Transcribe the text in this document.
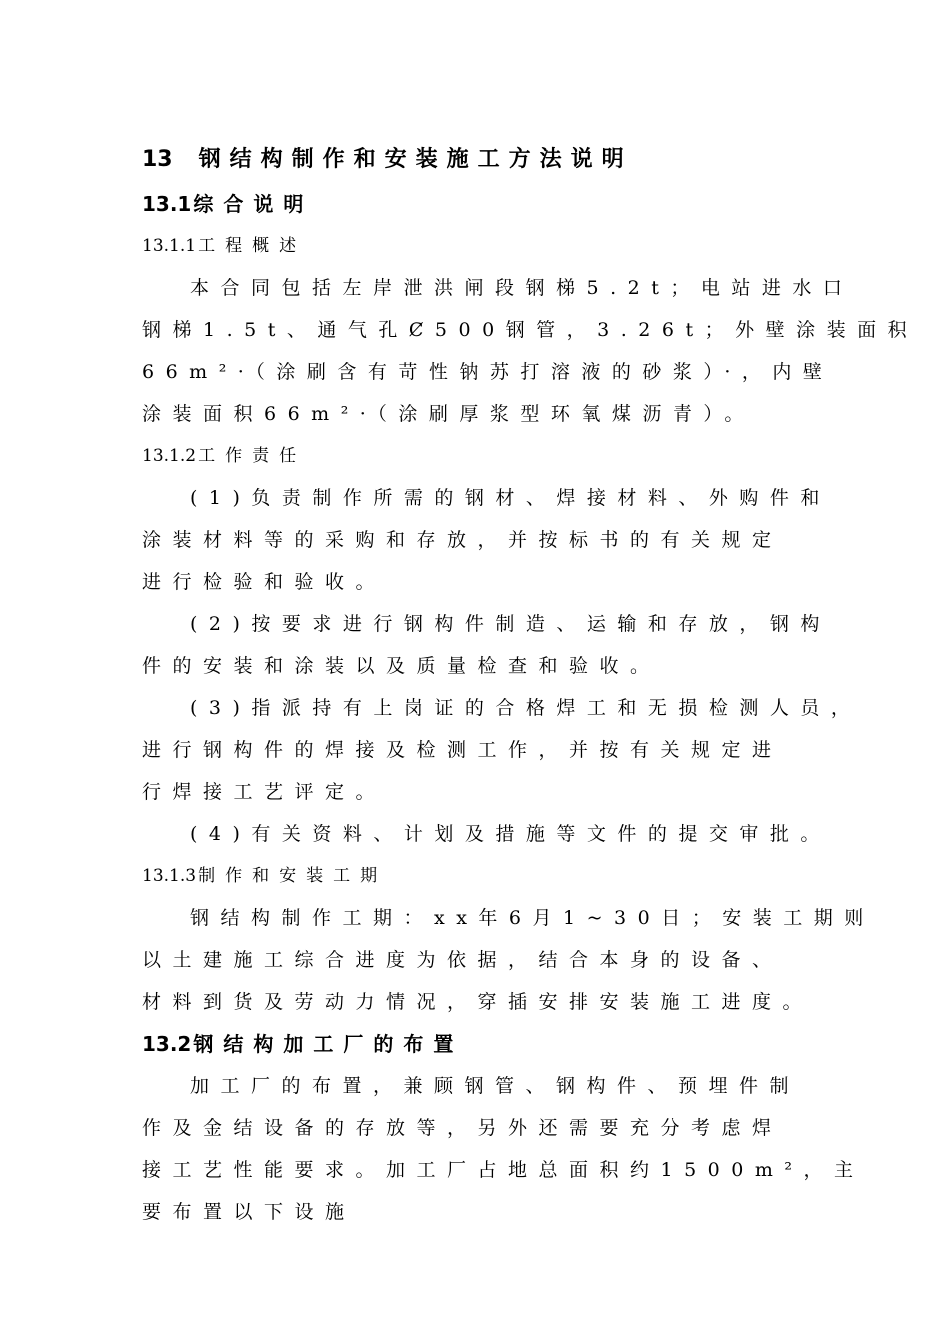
13 钢结构制作和安装施工方法说明
13.1 综合说明
13.1.1 工程概述
本合同包括左岸泄洪闸段钢梯5.2t；电站进水口
钢梯1.5t、通气孔Ȼ500钢管，3.26t；外壁涂装面积
66m²·（涂刷含有苛性钠苏打溶液的砂浆）·，内壁
涂装面积66m²·（涂刷厚浆型环氧煤沥青）。
13.1.2 工作责任
(1)负责制作所需的钢材、焊接材料、外购件和
涂装材料等的采购和存放，并按标书的有关规定
进行检验和验收。
(2)按要求进行钢构件制造、运输和存放，钢构
件的安装和涂装以及质量检查和验收。
(3)指派持有上岗证的合格焊工和无损检测人员，
进行钢构件的焊接及检测工作，并按有关规定进
行焊接工艺评定。
(4)有关资料、计划及措施等文件的提交审批。
13.1.3 制作和安装工期
钢结构制作工期：xx年6月1~30日；安装工期则
以土建施工综合进度为依据，结合本身的设备、
材料到货及劳动力情况，穿插安排安装施工进度。
13.2 钢结构加工厂的布置
加工厂的布置，兼顾钢管、钢构件、预埋件制
作及金结设备的存放等，另外还需要充分考虑焊
接工艺性能要求。加工厂占地总面积约1500m²，主
要布置以下设施
